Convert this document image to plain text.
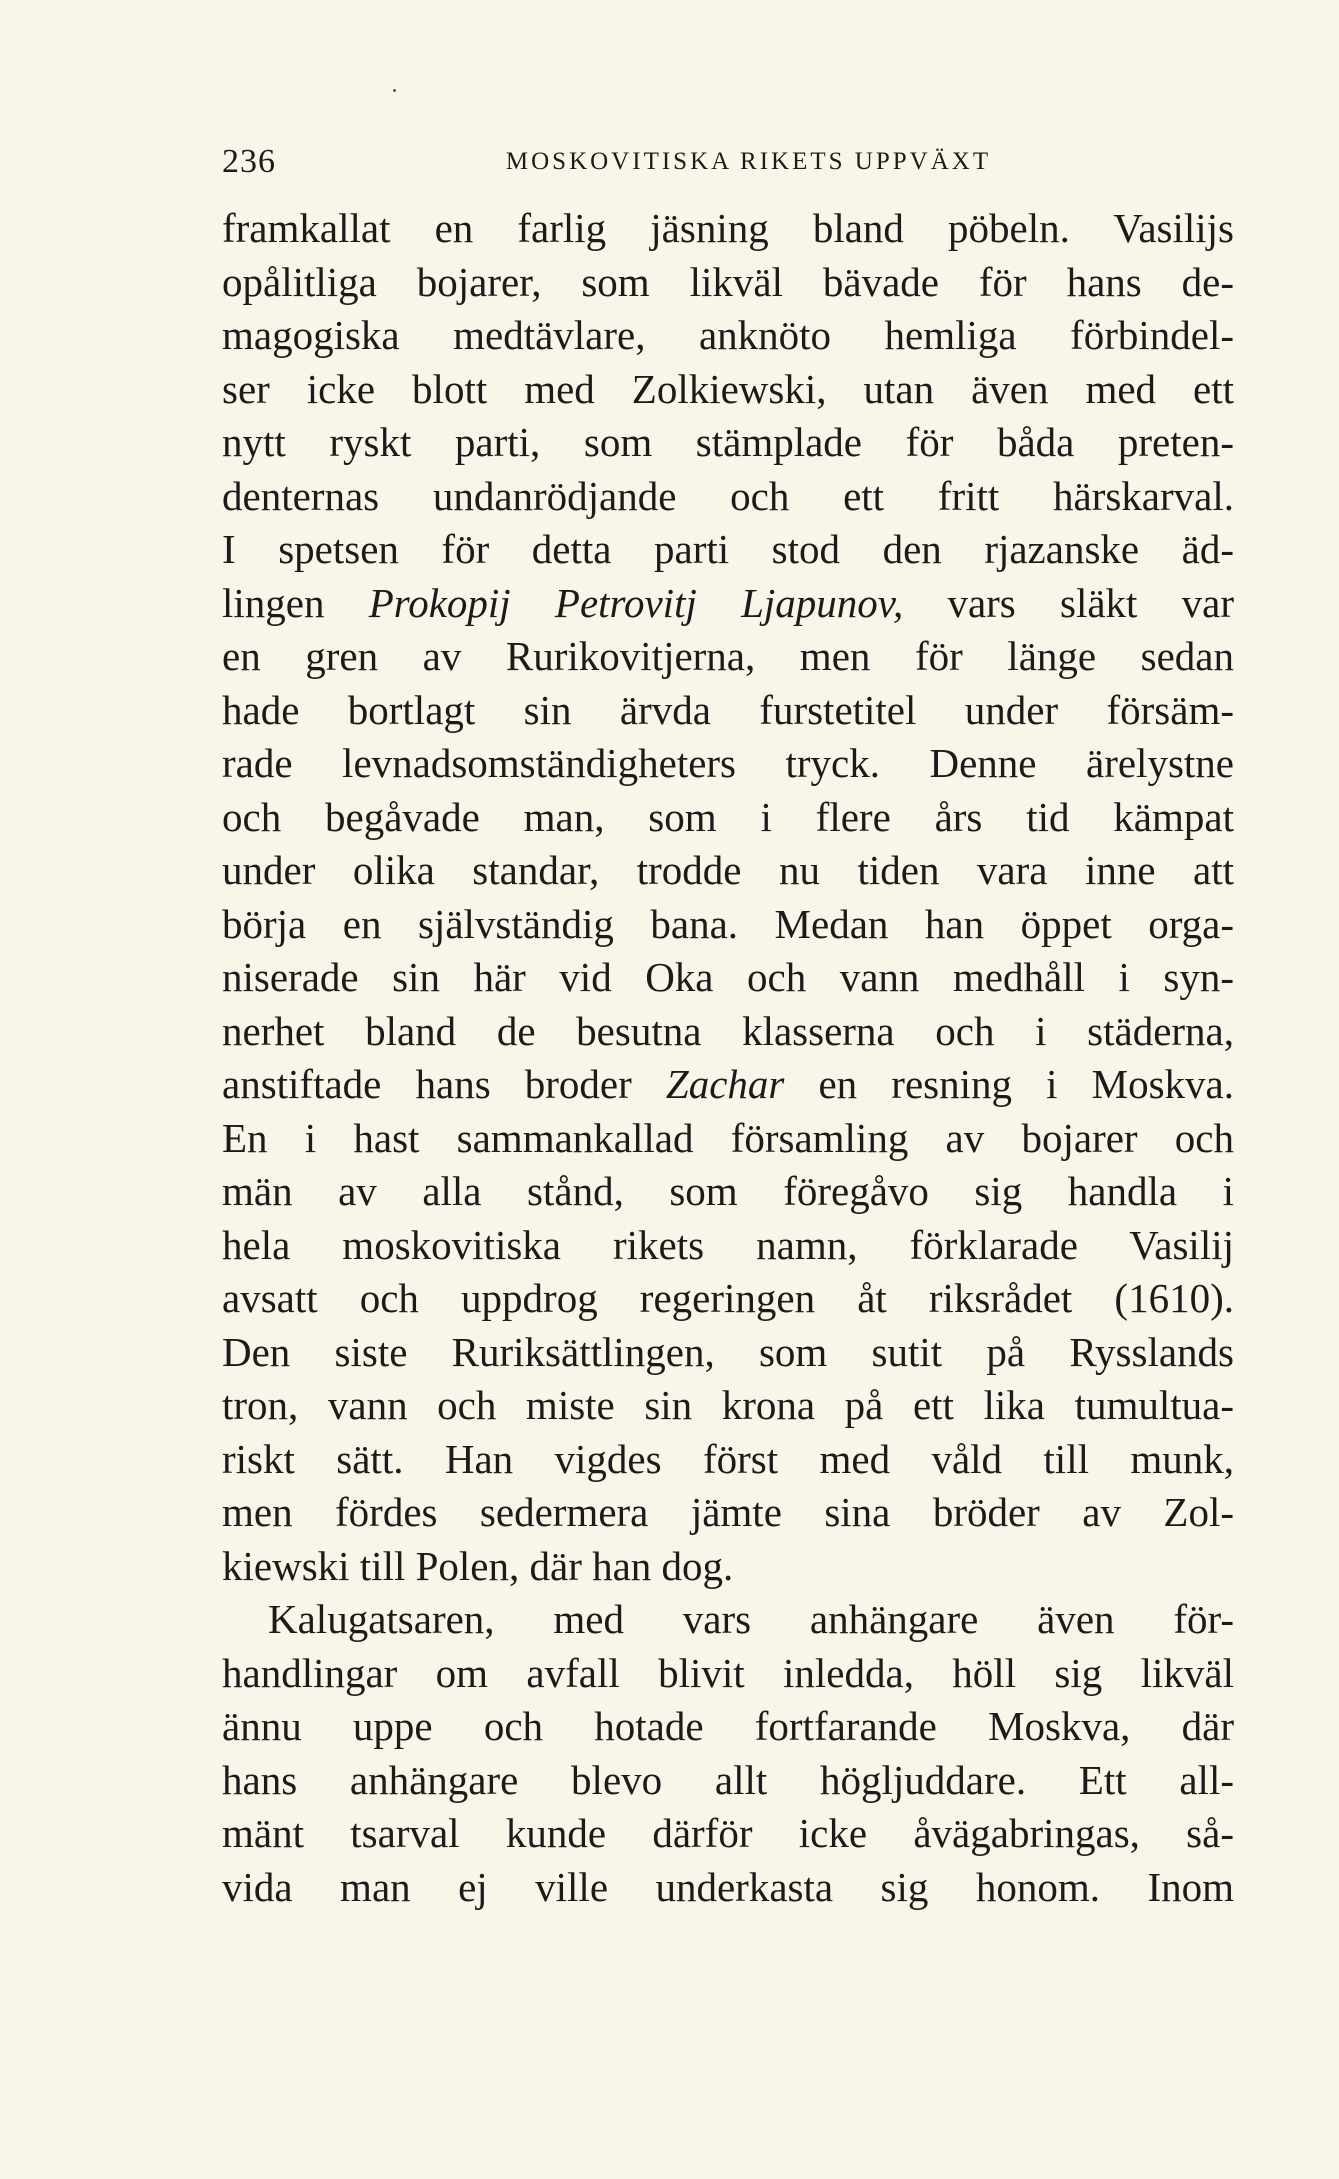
236	MOSKOVITISKA RIKETS UPPVÄXT
framkallat en farlig jäsning bland pöbeln. Vasilijs
opålitliga bojarer, som likväl bävade för hans de-
magogiska medtävlare, anknöto hemliga förbindel-
ser icke blott med Zolkiewski, utan även med ett
nytt ryskt parti, som stämplade för båda preten-
denternas undanrödjande och ett fritt härskarval.
I spetsen för detta parti stod den rjazanske äd-
lingen Prokopij Petrovitj Ljapunov, vars släkt var
en gren av Rurikovitjerna, men för länge sedan
hade bortlagt sin ärvda furstetitel under försäm-
rade levnadsomständigheters tryck. Denne ärelystne
och begåvade man, som i flere års tid kämpat
under olika standar, trodde nu tiden vara inne att
börja en självständig bana. Medan han öppet orga-
niserade sin här vid Oka och vann medhåll i syn-
nerhet bland de besutna klasserna och i städerna,
anstiftade hans broder Zachar en resning i Moskva.
En i hast sammankallad församling av bojarer och
män av alla stånd, som föregåvo sig handla i
hela moskovitiska rikets namn, förklarade Vasilij
avsatt och uppdrog regeringen åt riksrådet (1610).
Den siste Ruriksättlingen, som sutit på Rysslands
tron, vann och miste sin krona på ett lika tumultua-
riskt sätt. Han vigdes först med våld till munk,
men fördes sedermera jämte sina bröder av Zol-
kiewski till Polen, där han dog.
Kalugatsaren, med vars anhängare även för-
handlingar om avfall blivit inledda, höll sig likväl
ännu uppe och hotade fortfarande Moskva, där
hans anhängare blevo allt högljuddare. Ett all-
mänt tsarval kunde därför icke åvägabringas, så-
vida man ej ville underkasta sig honom. Inom
